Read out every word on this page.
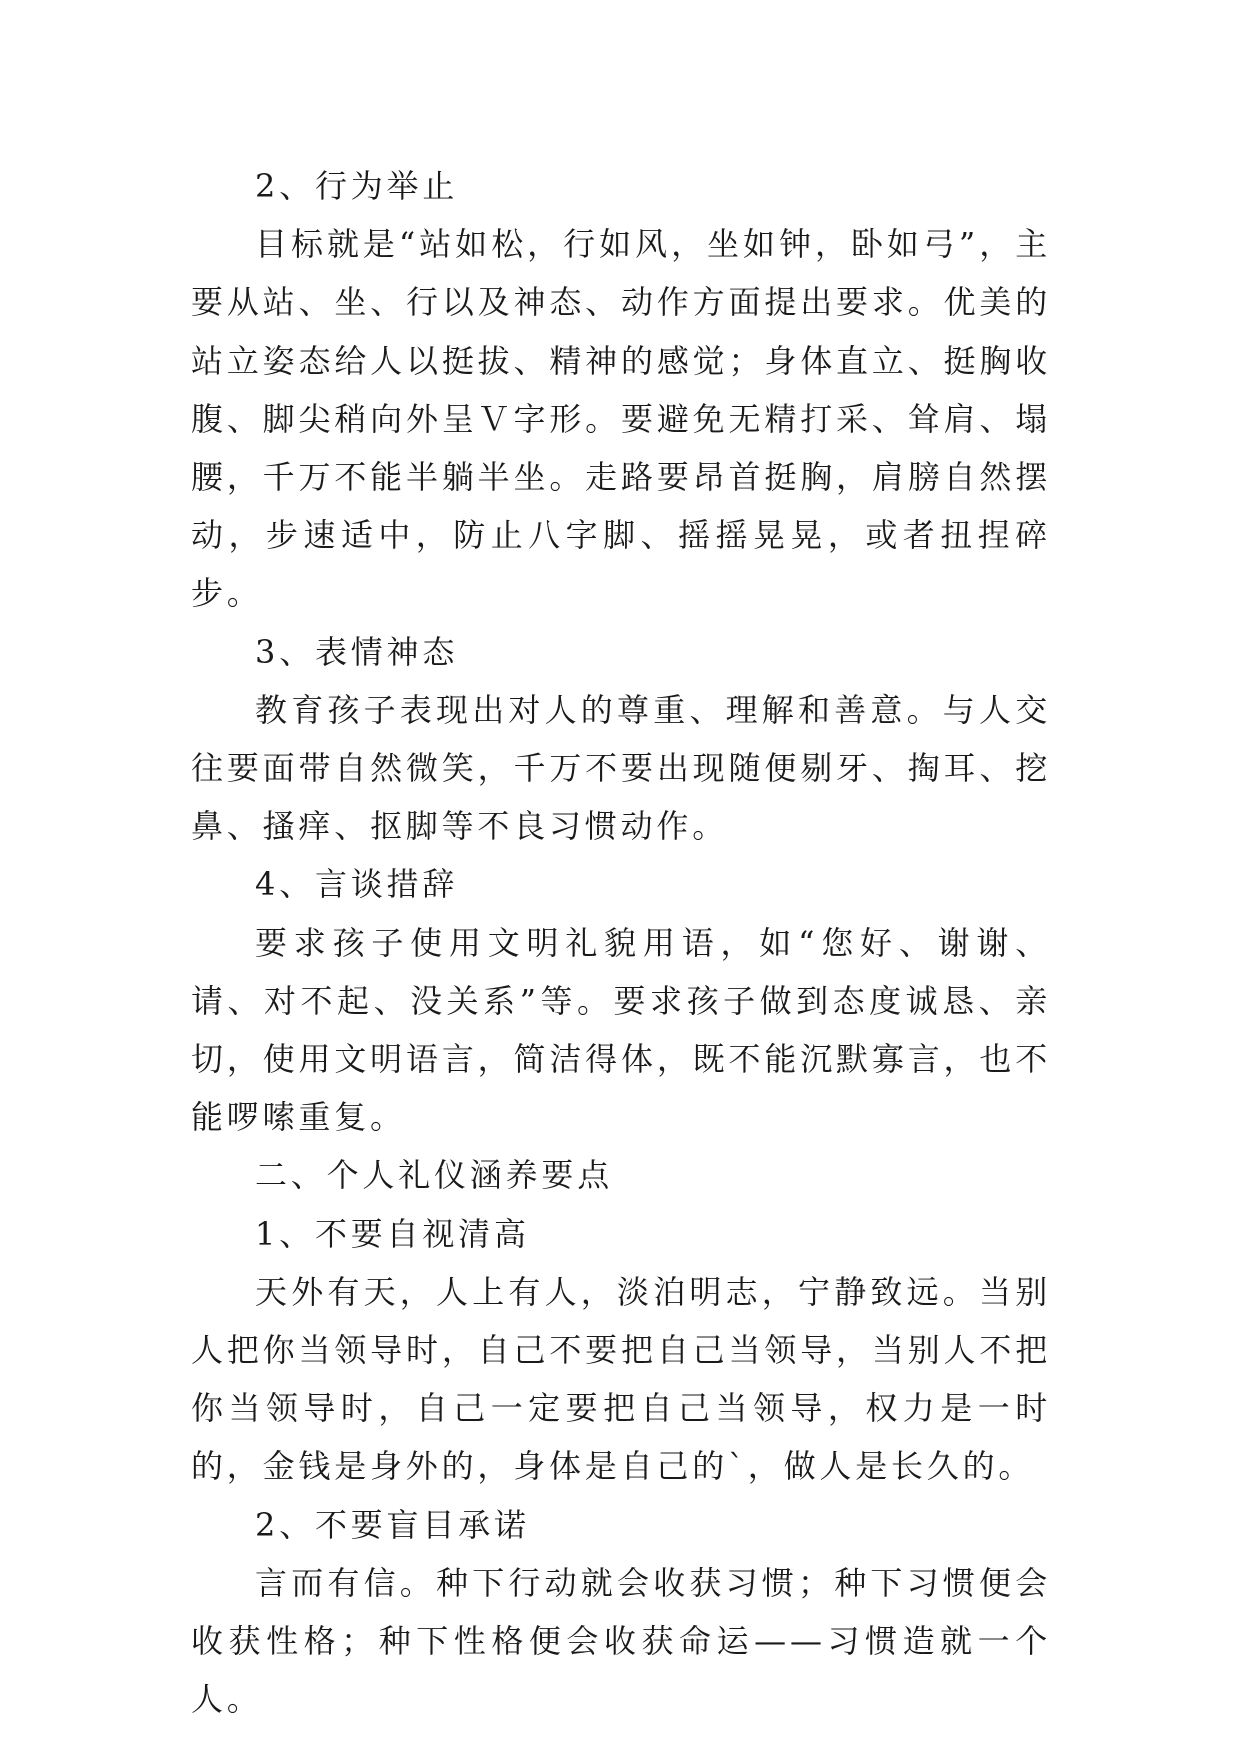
2、行为举止

目标就是“站如松，行如风，坐如钟，卧如弓”，主要从站、坐、行以及神态、动作方面提出要求。优美的站立姿态给人以挺拔、精神的感觉；身体直立、挺胸收腹、脚尖稍向外呈Ｖ字形。要避免无精打采、耸肩、塌腰，千万不能半躺半坐。走路要昂首挺胸，肩膀自然摆动，步速适中，防止八字脚、摇摇晃晃，或者扭捏碎步。

3、表情神态

教育孩子表现出对人的尊重、理解和善意。与人交往要面带自然微笑，千万不要出现随便剔牙、掏耳、挖鼻、搔痒、抠脚等不良习惯动作。

4、言谈措辞

要求孩子使用文明礼貌用语，如“您好、谢谢、请、对不起、没关系”等。要求孩子做到态度诚恳、亲切，使用文明语言，简洁得体，既不能沉默寡言，也不能啰嗦重复。

二、个人礼仪涵养要点

1、不要自视清高

天外有天，人上有人，淡泊明志，宁静致远。当别人把你当领导时，自己不要把自己当领导，当别人不把你当领导时，自己一定要把自己当领导，权力是一时的，金钱是身外的，身体是自己的`，做人是长久的。

2、不要盲目承诺

言而有信。种下行动就会收获习惯；种下习惯便会收获性格；种下性格便会收获命运——习惯造就一个人。
